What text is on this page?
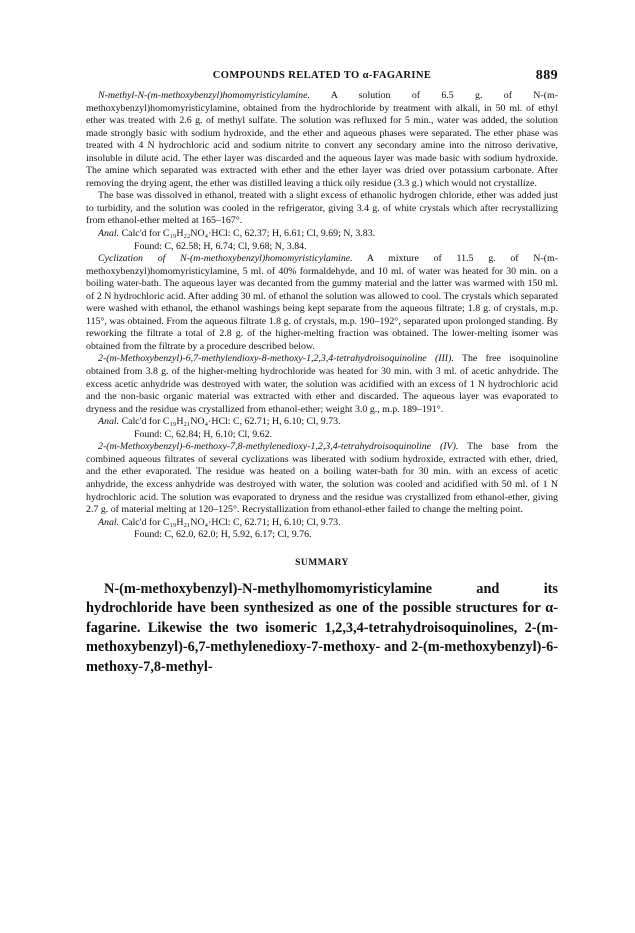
COMPOUNDS RELATED TO α-FAGARINE	889

N-methyl-N-(m-methoxybenzyl)homomyristicylamine. A solution of 6.5 g. of N-(m-methoxybenzyl)homomyristicylamine, obtained from the hydrochloride by treatment with alkali, in 50 ml. of ethyl ether was treated with 2.6 g. of methyl sulfate. The solution was refluxed for 5 min., water was added, the solution made strongly basic with sodium hydroxide, and the ether and aqueous phases were separated. The ether phase was treated with 4 N hydrochloric acid and sodium nitrite to convert any secondary amine into the nitroso derivative, insoluble in dilute acid. The ether layer was discarded and the aqueous layer was made basic with sodium hydroxide. The amine which separated was extracted with ether and the ether layer was dried over potassium carbonate. After removing the drying agent, the ether was distilled leaving a thick oily residue (3.3 g.) which would not crystallize.

The base was dissolved in ethanol, treated with a slight excess of ethanolic hydrogen chloride, ether was added just to turbidity, and the solution was cooled in the refrigerator, giving 3.4 g. of white crystals which after recrystallizing from ethanol-ether melted at 165–167°.

Anal. Calc'd for C₁₉H₂₂NO₄·HCl: C, 62.37; H, 6.61; Cl, 9.69; N, 3.83.

Found: C, 62.58; H, 6.74; Cl, 9.68; N, 3.84.

Cyclization of N-(m-methoxybenzyl)homomyristicylamine. A mixture of 11.5 g. of N-(m-methoxybenzyl)homomyristicylamine, 5 ml. of 40% formaldehyde, and 10 ml. of water was heated for 30 min. on a boiling water-bath. The aqueous layer was decanted from the gummy material and the latter was warmed with 150 ml. of 2 N hydrochloric acid. After adding 30 ml. of ethanol the solution was allowed to cool. The crystals which separated were washed with ethanol, the ethanol washings being kept separate from the aqueous filtrate; 1.8 g. of crystals, m.p. 115°, was obtained. From the aqueous filtrate 1.8 g. of crystals, m.p. 190–192°, separated upon prolonged standing. By reworking the filtrate a total of 2.8 g. of the higher-melting fraction was obtained. The lower-melting isomer was obtained from the filtrate by a procedure described below.

2-(m-Methoxybenzyl)-6,7-methylendioxy-8-methoxy-1,2,3,4-tetrahydroisoquinoline (III). The free isoquinoline obtained from 3.8 g. of the higher-melting hydrochloride was heated for 30 min. with 3 ml. of acetic anhydride. The excess acetic anhydride was destroyed with water, the solution was acidified with an excess of 1 N hydrochloric acid and the non-basic organic material was extracted with ether and discarded. The aqueous layer was evaporated to dryness and the residue was crystallized from ethanol-ether; weight 3.0 g., m.p. 189–191°.

Anal. Calc'd for C₁₉H₂₁NO₄·HCl: C, 62.71; H, 6.10; Cl, 9.73.

Found: C, 62.84; H, 6.10; Cl, 9.62.

2-(m-Methoxybenzyl)-6-methoxy-7,8-methylenedioxy-1,2,3,4-tetrahydroisoquinoline (IV). The base from the combined aqueous filtrates of several cyclizations was liberated with sodium hydroxide, extracted with ether, dried, and the ether evaporated. The residue was heated on a boiling water-bath for 30 min. with an excess of acetic anhydride, the excess anhydride was destroyed with water, the solution was cooled and acidified with 50 ml. of 1 N hydrochloric acid. The solution was evaporated to dryness and the residue was crystallized from ethanol-ether, giving 2.7 g. of material melting at 120–125°. Recrystallization from ethanol-ether failed to change the melting point.

Anal. Calc'd for C₁₉H₂₁NO₄·HCl: C, 62.71; H, 6.10; Cl, 9.73.

Found: C, 62.0, 62.0; H, 5.92, 6.17; Cl, 9.76.

SUMMARY

N-(m-methoxybenzyl)-N-methylhomomyristicylamine and its hydrochloride have been synthesized as one of the possible structures for α-fagarine. Likewise the two isomeric 1,2,3,4-tetrahydroisoquinolines, 2-(m-methoxybenzyl)-6,7-methylenedioxy-7-methoxy- and 2-(m-methoxybenzyl)-6-methoxy-7,8-methyl-
